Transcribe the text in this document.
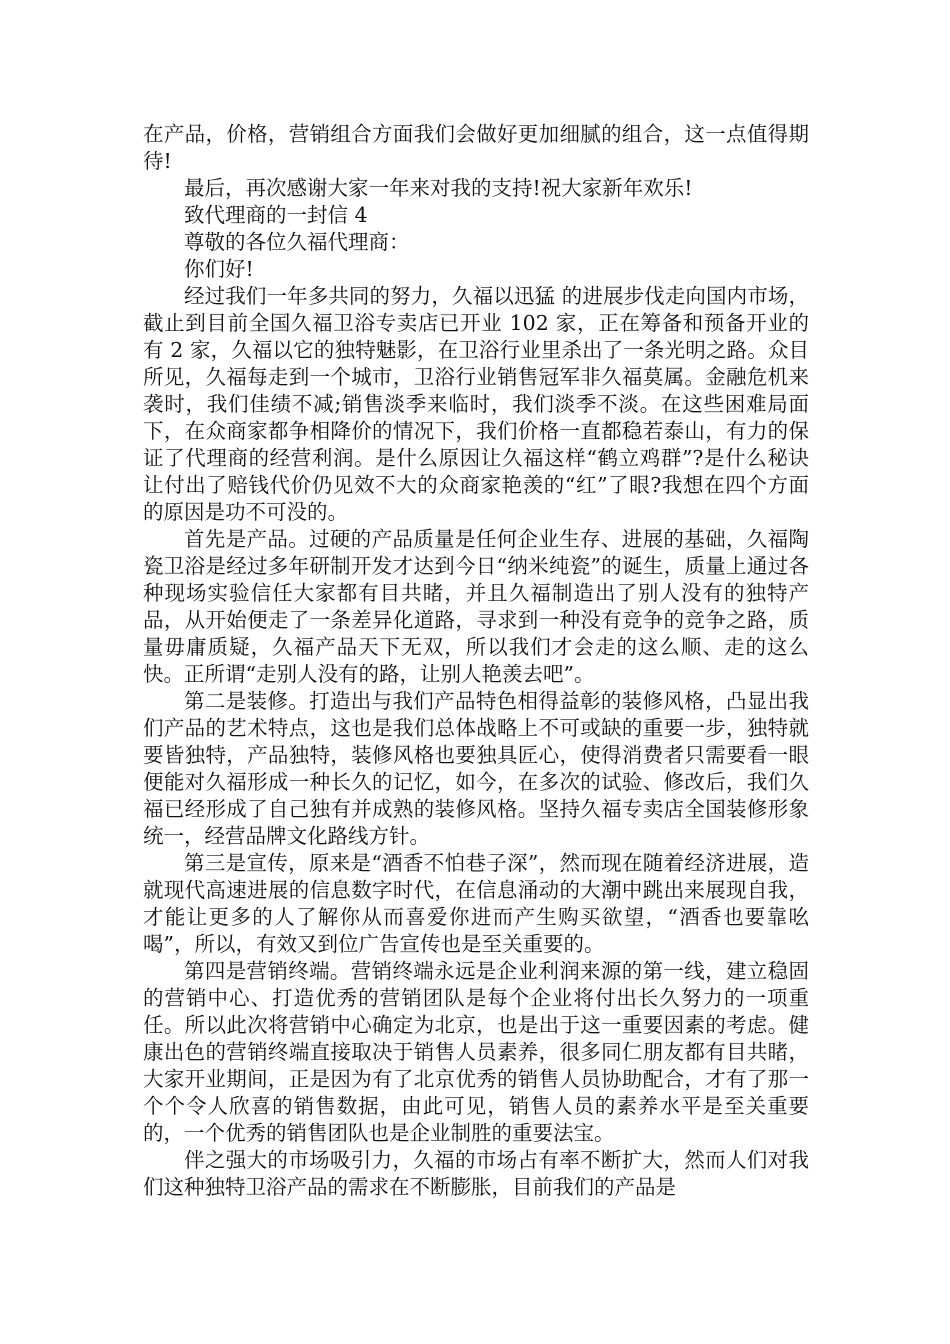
在产品，价格，营销组合方面我们会做好更加细腻的组合，这一点值得期待!

最后，再次感谢大家一年来对我的支持!祝大家新年欢乐!

致代理商的一封信 4

尊敬的各位久福代理商：

你们好!

经过我们一年多共同的努力，久福以迅猛 的进展步伐走向国内市场，截止到目前全国久福卫浴专卖店已开业 102 家，正在筹备和预备开业的有 2 家，久福以它的独特魅影，在卫浴行业里杀出了一条光明之路。众目所见，久福每走到一个城市，卫浴行业销售冠军非久福莫属。金融危机来袭时，我们佳绩不减;销售淡季来临时，我们淡季不淡。在这些困难局面下，在众商家都争相降价的情况下，我们价格一直都稳若泰山，有力的保证了代理商的经营利润。是什么原因让久福这样“鹤立鸡群”?是什么秘诀让付出了赔钱代价仍见效不大的众商家艳羡的“红”了眼?我想在四个方面的原因是功不可没的。

首先是产品。过硬的产品质量是任何企业生存、进展的基础，久福陶瓷卫浴是经过多年研制开发才达到今日“纳米纯瓷”的诞生，质量上通过各种现场实验信任大家都有目共睹，并且久福制造出了别人没有的独特产品，从开始便走了一条差异化道路，寻求到一种没有竞争的竞争之路，质量毋庸质疑，久福产品天下无双，所以我们才会走的这么顺、走的这么快。正所谓“走别人没有的路，让别人艳羡去吧”。

第二是装修。打造出与我们产品特色相得益彰的装修风格，凸显出我们产品的艺术特点，这也是我们总体战略上不可或缺的重要一步，独特就要皆独特，产品独特，装修风格也要独具匠心，使得消费者只需要看一眼便能对久福形成一种长久的记忆，如今，在多次的试验、修改后，我们久福已经形成了自己独有并成熟的装修风格。坚持久福专卖店全国装修形象统一，经营品牌文化路线方针。

第三是宣传，原来是“酒香不怕巷子深”，然而现在随着经济进展，造就现代高速进展的信息数字时代，在信息涌动的大潮中跳出来展现自我，才能让更多的人了解你从而喜爱你进而产生购买欲望，“酒香也要靠吆喝”，所以，有效又到位广告宣传也是至关重要的。

第四是营销终端。营销终端永远是企业利润来源的第一线，建立稳固的营销中心、打造优秀的营销团队是每个企业将付出长久努力的一项重任。所以此次将营销中心确定为北京，也是出于这一重要因素的考虑。健康出色的营销终端直接取决于销售人员素养，很多同仁朋友都有目共睹，大家开业期间，正是因为有了北京优秀的销售人员协助配合，才有了那一个个令人欣喜的销售数据，由此可见，销售人员的素养水平是至关重要的，一个优秀的销售团队也是企业制胜的重要法宝。

伴之强大的市场吸引力，久福的市场占有率不断扩大，然而人们对我们这种独特卫浴产品的需求在不断膨胀，目前我们的产品是
